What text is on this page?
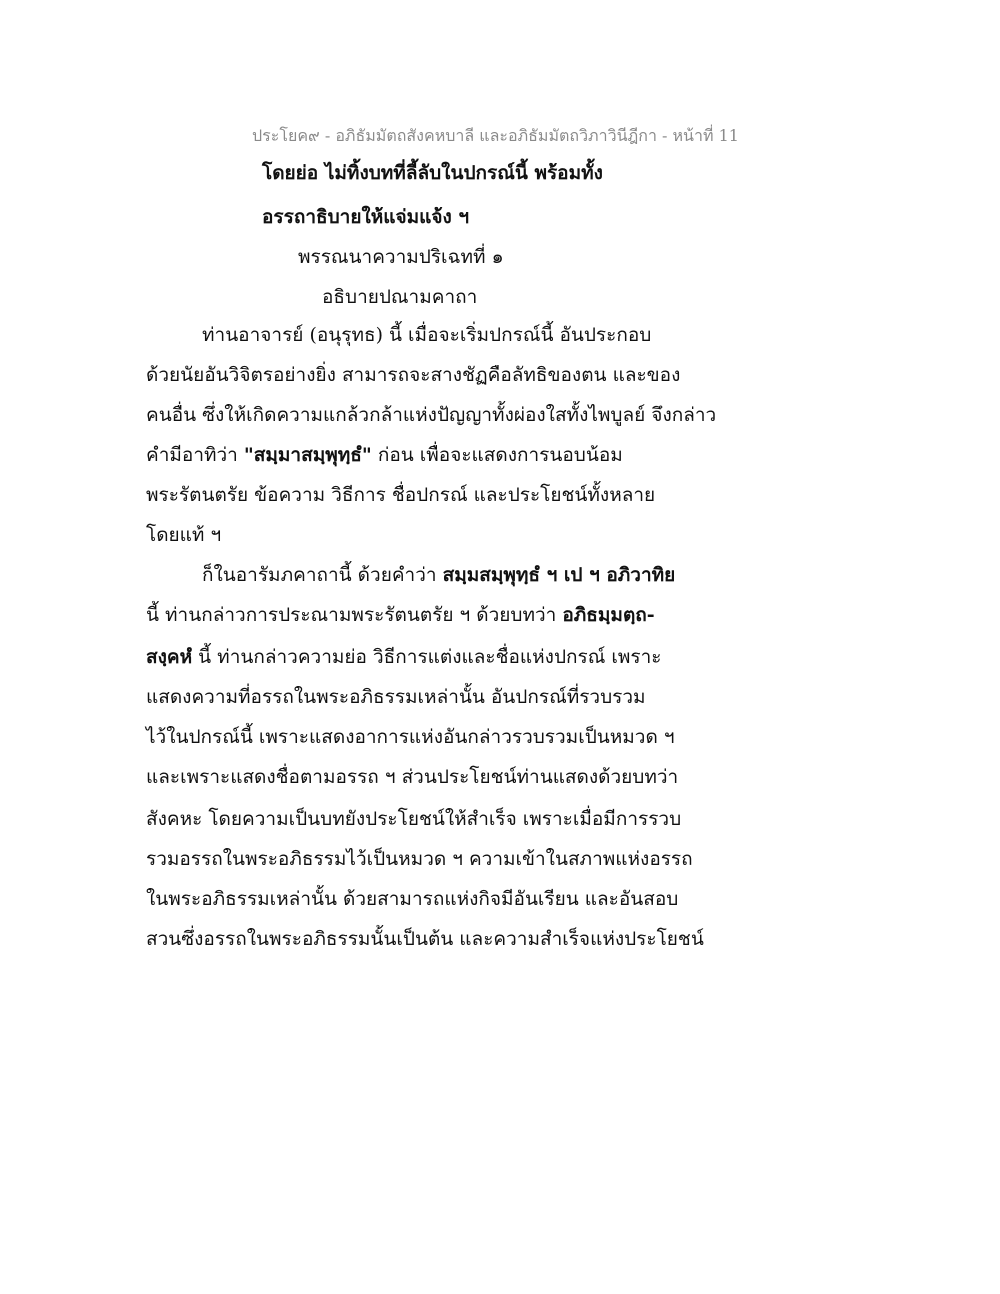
ประโยค๙ - อภิธัมมัตถสังคหบาลี และอภิธัมมัตถวิภาวินีฎีกา - หน้าที่ 11
โดยย่อ ไม่ทิ้งบทที่ลี้ลับในปกรณ์นี้ พร้อมทั้ง
อรรถาธิบายให้แจ่มแจ้ง ฯ
พรรณนาความปริเฉทที่ ๑
อธิบายปณามคาถา
ท่านอาจารย์ (อนุรุทธ) นี้ เมื่อจะเริ่มปกรณ์นี้ อันประกอบ
ด้วยนัยอันวิจิตรอย่างยิ่ง สามารถจะสางชัฏคือลัทธิของตน และของ
คนอื่น ซึ่งให้เกิดความแกล้วกล้าแห่งปัญญาทั้งผ่องใสทั้งไพบูลย์ จึงกล่าว
คำมีอาทิว่า "สมฺมาสมฺพุทฺธํ" ก่อน เพื่อจะแสดงการนอบน้อม
พระรัตนตรัย ข้อความ วิธีการ ชื่อปกรณ์ และประโยชน์ทั้งหลาย
โดยแท้ ฯ
ก็ในอารัมภคาถานี้ ด้วยคำว่า สมฺมสมฺพุทฺธํ ฯ เป ฯ อภิวาทิย
นี้ ท่านกล่าวการประณามพระรัตนตรัย ฯ ด้วยบทว่า อภิธมฺมตฺถ-
สงฺคหํ นี้ ท่านกล่าวความย่อ วิธีการแต่งและชื่อแห่งปกรณ์ เพราะ
แสดงความที่อรรถในพระอภิธรรมเหล่านั้น อันปกรณ์ที่รวบรวม
ไว้ในปกรณ์นี้ เพราะแสดงอาการแห่งอันกล่าวรวบรวมเป็นหมวด ฯ
และเพราะแสดงชื่อตามอรรถ ฯ ส่วนประโยชน์ท่านแสดงด้วยบทว่า
สังคหะ โดยความเป็นบทยังประโยชน์ให้สำเร็จ เพราะเมื่อมีการรวบ
รวมอรรถในพระอภิธรรมไว้เป็นหมวด ฯ ความเข้าในสภาพแห่งอรรถ
ในพระอภิธรรมเหล่านั้น ด้วยสามารถแห่งกิจมีอันเรียน และอันสอบ
สวนซึ่งอรรถในพระอภิธรรมนั้นเป็นต้น และความสำเร็จแห่งประโยชน์
